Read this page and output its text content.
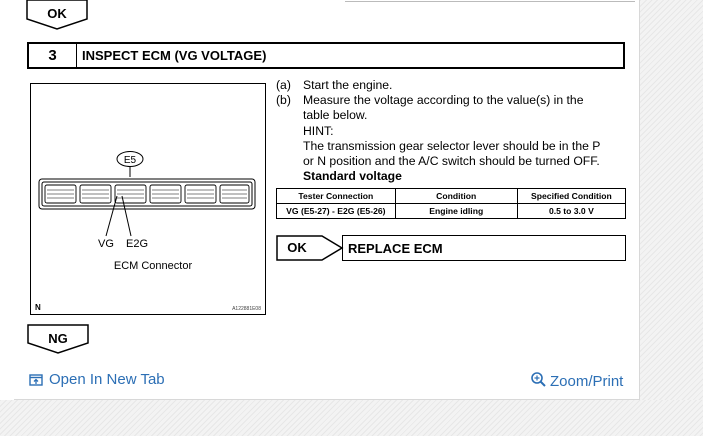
OK
3	INSPECT ECM (VG VOLTAGE)
E5
VG E2G
ECM Connector
N	A122881E08
(a) Start the engine.
(b) Measure the voltage according to the value(s) in the
table below.
HINT:
The transmission gear selector lever should be in the P
or N position and the A/C switch should be turned OFF.
Standard voltage
Tester Connection	Condition	Specified Condition
VG (E5-27) - E2G (E5-26)	Engine idling	0.5 to 3.0 V
OK	REPLACE ECM
NG
Open In New Tab	Zoom/Print
